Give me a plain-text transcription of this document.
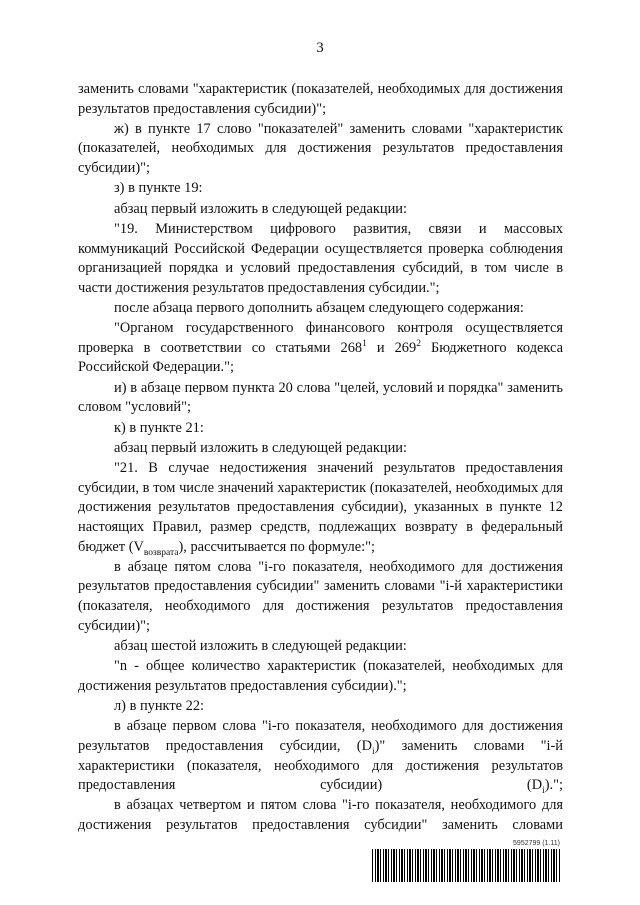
3

заменить словами "характеристик (показателей, необходимых для достижения результатов предоставления субсидии)";

ж) в пункте 17 слово "показателей" заменить словами "характеристик (показателей, необходимых для достижения результатов предоставления субсидии)";

з) в пункте 19:

абзац первый изложить в следующей редакции:

"19. Министерством цифрового развития, связи и массовых коммуникаций Российской Федерации осуществляется проверка соблюдения организацией порядка и условий предоставления субсидий, в том числе в части достижения результатов предоставления субсидии.";

после абзаца первого дополнить абзацем следующего содержания:

"Органом государственного финансового контроля осуществляется проверка в соответствии со статьями $268^1$ и $269^2$ Бюджетного кодекса Российской Федерации.";

и) в абзаце первом пункта 20 слова "целей, условий и порядка" заменить словом "условий";

к) в пункте 21:

абзац первый изложить в следующей редакции:

"21. В случае недостижения значений результатов предоставления субсидии, в том числе значений характеристик (показателей, необходимых для достижения результатов предоставления субсидии), указанных в пункте 12 настоящих Правил, размер средств, подлежащих возврату в федеральный бюджет $(V_{возврата})$, рассчитывается по формуле:";

в абзаце пятом слова "i-го показателя, необходимого для достижения результатов предоставления субсидии" заменить словами "i-й характеристики (показателя, необходимого для достижения результатов предоставления субсидии)";

абзац шестой изложить в следующей редакции:

"n - общее количество характеристик (показателей, необходимых для достижения результатов предоставления субсидии).";

л) в пункте 22:

в абзаце первом слова "i-го показателя, необходимого для достижения результатов предоставления субсидии, $(D_i)$" заменить словами "i-й характеристики (показателя, необходимого для достижения результатов предоставления субсидии) $(D_i)$.";

в абзацах четвертом и пятом слова "i-го показателя, необходимого для достижения результатов предоставления субсидии" заменить словами

5952799 (1.11)
